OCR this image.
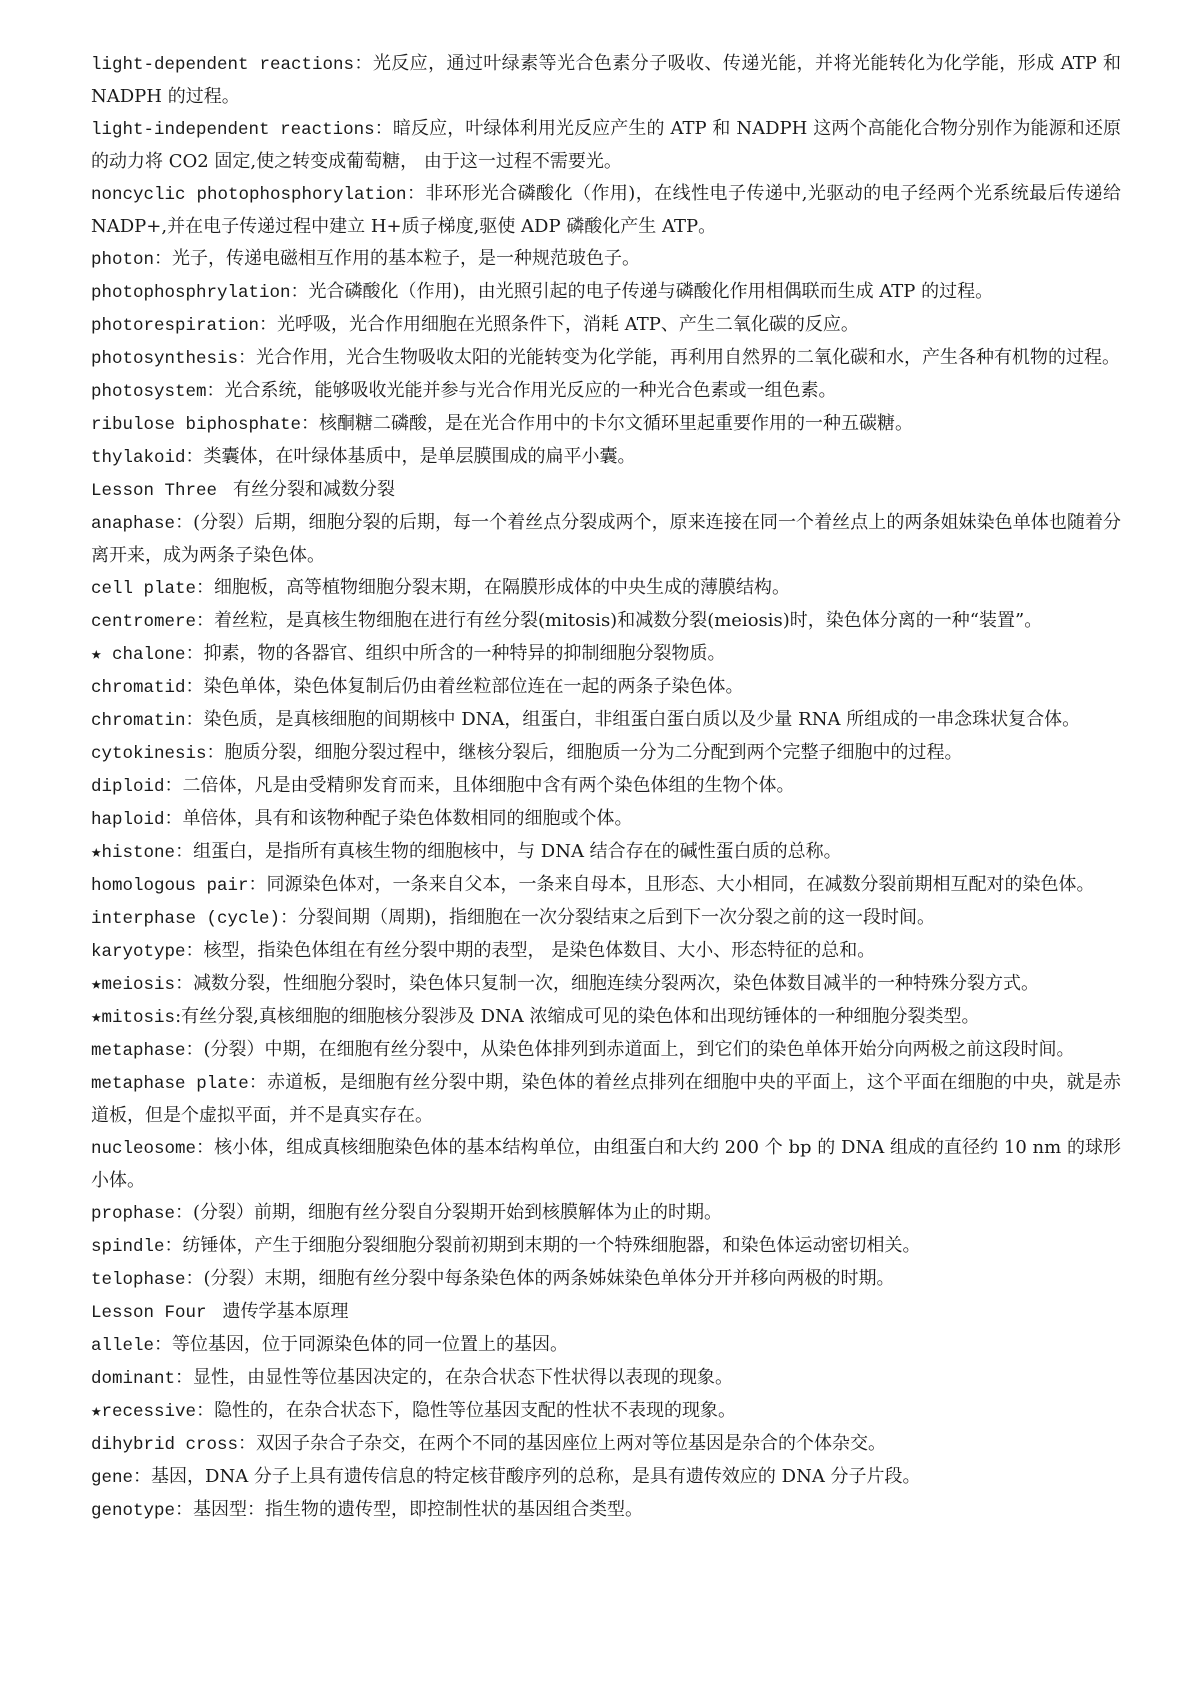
light-dependent reactions：光反应，通过叶绿素等光合色素分子吸收、传递光能，并将光能转化为化学能，形成 ATP 和 NADPH 的过程。

light-independent reactions：暗反应，叶绿体利用光反应产生的 ATP 和 NADPH 这两个高能化合物分别作为能源和还原的动力将 CO2 固定,使之转变成葡萄糖， 由于这一过程不需要光。

noncyclic photophosphorylation：非环形光合磷酸化（作用)，在线性电子传递中,光驱动的电子经两个光系统最后传递给 NADP+,并在电子传递过程中建立 H+质子梯度,驱使 ADP 磷酸化产生 ATP。

photon：光子，传递电磁相互作用的基本粒子，是一种规范玻色子。

photophosphrylation：光合磷酸化（作用)，由光照引起的电子传递与磷酸化作用相偶联而生成 ATP 的过程。

photorespiration：光呼吸，光合作用细胞在光照条件下，消耗 ATP、产生二氧化碳的反应。

photosynthesis：光合作用，光合生物吸收太阳的光能转变为化学能，再利用自然界的二氧化碳和水，产生各种有机物的过程。

photosystem：光合系统，能够吸收光能并参与光合作用光反应的一种光合色素或一组色素。

ribulose biphosphate：核酮糖二磷酸，是在光合作用中的卡尔文循环里起重要作用的一种五碳糖。

thylakoid：类囊体，在叶绿体基质中，是单层膜围成的扁平小囊。

Lesson Three 有丝分裂和减数分裂

anaphase：(分裂）后期，细胞分裂的后期，每一个着丝点分裂成两个，原来连接在同一个着丝点上的两条姐妹染色单体也随着分离开来，成为两条子染色体。

cell plate：细胞板，高等植物细胞分裂末期，在隔膜形成体的中央生成的薄膜结构。

centromere：着丝粒，是真核生物细胞在进行有丝分裂(mitosis)和减数分裂(meiosis)时，染色体分离的一种“装置”。

★ chalone：抑素，物的各器官、组织中所含的一种特异的抑制细胞分裂物质。

chromatid：染色单体，染色体复制后仍由着丝粒部位连在一起的两条子染色体。

chromatin：染色质，是真核细胞的间期核中 DNA，组蛋白，非组蛋白蛋白质以及少量 RNA 所组成的一串念珠状复合体。

cytokinesis：胞质分裂，细胞分裂过程中，继核分裂后，细胞质一分为二分配到两个完整子细胞中的过程。

diploid：二倍体，凡是由受精卵发育而来，且体细胞中含有两个染色体组的生物个体。

haploid：单倍体，具有和该物种配子染色体数相同的细胞或个体。

★histone：组蛋白，是指所有真核生物的细胞核中，与 DNA 结合存在的碱性蛋白质的总称。

homologous pair：同源染色体对，一条来自父本，一条来自母本，且形态、大小相同，在减数分裂前期相互配对的染色体。

interphase (cycle)：分裂间期（周期)，指细胞在一次分裂结束之后到下一次分裂之前的这一段时间。

karyotype：核型，指染色体组在有丝分裂中期的表型， 是染色体数目、大小、形态特征的总和。

★meiosis：减数分裂，性细胞分裂时，染色体只复制一次，细胞连续分裂两次，染色体数目减半的一种特殊分裂方式。

★mitosis:有丝分裂,真核细胞的细胞核分裂涉及 DNA 浓缩成可见的染色体和出现纺锤体的一种细胞分裂类型。

metaphase：(分裂）中期，在细胞有丝分裂中，从染色体排列到赤道面上，到它们的染色单体开始分向两极之前这段时间。

metaphase plate：赤道板，是细胞有丝分裂中期，染色体的着丝点排列在细胞中央的平面上，这个平面在细胞的中央，就是赤道板，但是个虚拟平面，并不是真实存在。

nucleosome：核小体，组成真核细胞染色体的基本结构单位，由组蛋白和大约 200 个 bp 的 DNA 组成的直径约 10 nm 的球形小体。

prophase：(分裂）前期，细胞有丝分裂自分裂期开始到核膜解体为止的时期。

spindle：纺锤体，产生于细胞分裂细胞分裂前初期到末期的一个特殊细胞器，和染色体运动密切相关。

telophase：(分裂）末期，细胞有丝分裂中每条染色体的两条姊妹染色单体分开并移向两极的时期。

Lesson Four 遗传学基本原理

allele：等位基因，位于同源染色体的同一位置上的基因。

dominant：显性，由显性等位基因决定的，在杂合状态下性状得以表现的现象。

★recessive：隐性的，在杂合状态下，隐性等位基因支配的性状不表现的现象。

dihybrid cross：双因子杂合子杂交，在两个不同的基因座位上两对等位基因是杂合的个体杂交。

gene：基因，DNA 分子上具有遗传信息的特定核苷酸序列的总称，是具有遗传效应的 DNA 分子片段。

genotype：基因型：指生物的遗传型，即控制性状的基因组合类型。
